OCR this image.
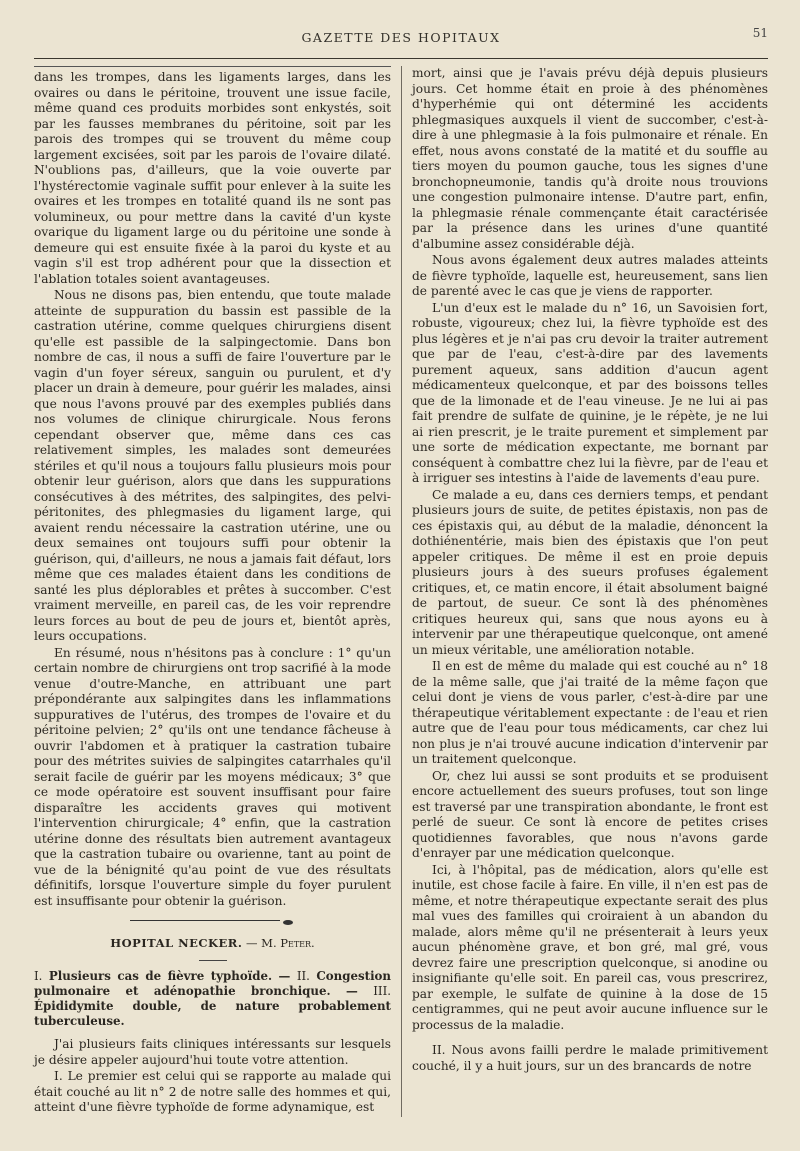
GAZETTE DES HOPITAUX	51

dans les trompes, dans les ligaments larges, dans les ovaires ou dans le péritoine, trouvent une issue facile, même quand ces produits morbides sont enkystés, soit par les fausses membranes du péritoine, soit par les parois des trompes qui se trouvent du même coup largement excisées, soit par les parois de l'ovaire dilaté. N'oublions pas, d'ailleurs, que la voie ouverte par l'hystérectomie vaginale suffit pour enlever à la suite les ovaires et les trompes en totalité quand ils ne sont pas volumineux, ou pour mettre dans la cavité d'un kyste ovarique du ligament large ou du péritoine une sonde à demeure qui est ensuite fixée à la paroi du kyste et au vagin s'il est trop adhérent pour que la dissection et l'ablation totales soient avantageuses.

Nous ne disons pas, bien entendu, que toute malade atteinte de suppuration du bassin est passible de la castration utérine, comme quelques chirurgiens disent qu'elle est passible de la salpingectomie. Dans bon nombre de cas, il nous a suffi de faire l'ouverture par le vagin d'un foyer séreux, sanguin ou purulent, et d'y placer un drain à demeure, pour guérir les malades, ainsi que nous l'avons prouvé par des exemples publiés dans nos volumes de clinique chirurgicale. Nous ferons cependant observer que, même dans ces cas relativement simples, les malades sont demeurées stériles et qu'il nous a toujours fallu plusieurs mois pour obtenir leur guérison, alors que dans les suppurations consécutives à des métrites, des salpingites, des pelvi-péritonites, des phlegmasies du ligament large, qui avaient rendu nécessaire la castration utérine, une ou deux semaines ont toujours suffi pour obtenir la guérison, qui, d'ailleurs, ne nous a jamais fait défaut, lors même que ces malades étaient dans les conditions de santé les plus déplorables et prêtes à succomber. C'est vraiment merveille, en pareil cas, de les voir reprendre leurs forces au bout de peu de jours et, bientôt après, leurs occupations.

En résumé, nous n'hésitons pas à conclure : 1° qu'un certain nombre de chirurgiens ont trop sacrifié à la mode venue d'outre-Manche, en attribuant une part prépondérante aux salpingites dans les inflammations suppuratives de l'utérus, des trompes de l'ovaire et du péritoine pelvien; 2° qu'ils ont une tendance fâcheuse à ouvrir l'abdomen et à pratiquer la castration tubaire pour des métrites suivies de salpingites catarrhales qu'il serait facile de guérir par les moyens médicaux; 3° que ce mode opératoire est souvent insuffisant pour faire disparaître les accidents graves qui motivent l'intervention chirurgicale; 4° enfin, que la castration utérine donne des résultats bien autrement avantageux que la castration tubaire ou ovarienne, tant au point de vue de la bénignité qu'au point de vue des résultats définitifs, lorsque l'ouverture simple du foyer purulent est insuffisante pour obtenir la guérison.

HOPITAL NECKER. — M. Peter.

I. Plusieurs cas de fièvre typhoïde. — II. Congestion pulmonaire et adénopathie bronchique. — III. Épididymite double, de nature probablement tuberculeuse.

J'ai plusieurs faits cliniques intéressants sur lesquels je désire appeler aujourd'hui toute votre attention.

I. Le premier est celui qui se rapporte au malade qui était couché au lit n° 2 de notre salle des hommes et qui, atteint d'une fièvre typhoïde de forme adynamique, est

mort, ainsi que je l'avais prévu déjà depuis plusieurs jours. Cet homme était en proie à des phénomènes d'hyperhémie qui ont déterminé les accidents phlegmasiques auxquels il vient de succomber, c'est-à-dire à une phlegmasie à la fois pulmonaire et rénale. En effet, nous avons constaté de la matité et du souffle au tiers moyen du poumon gauche, tous les signes d'une bronchopneumonie, tandis qu'à droite nous trouvions une congestion pulmonaire intense. D'autre part, enfin, la phlegmasie rénale commençante était caractérisée par la présence dans les urines d'une quantité d'albumine assez considérable déjà.

Nous avons également deux autres malades atteints de fièvre typhoïde, laquelle est, heureusement, sans lien de parenté avec le cas que je viens de rapporter.

L'un d'eux est le malade du n° 16, un Savoisien fort, robuste, vigoureux; chez lui, la fièvre typhoïde est des plus légères et je n'ai pas cru devoir la traiter autrement que par de l'eau, c'est-à-dire par des lavements purement aqueux, sans addition d'aucun agent médicamenteux quelconque, et par des boissons telles que de la limonade et de l'eau vineuse. Je ne lui ai pas fait prendre de sulfate de quinine, je le répète, je ne lui ai rien prescrit, je le traite purement et simplement par une sorte de médication expectante, me bornant par conséquent à combattre chez lui la fièvre, par de l'eau et à irriguer ses intestins à l'aide de lavements d'eau pure.

Ce malade a eu, dans ces derniers temps, et pendant plusieurs jours de suite, de petites épistaxis, non pas de ces épistaxis qui, au début de la maladie, dénoncent la dothiénentérie, mais bien des épistaxis que l'on peut appeler critiques. De même il est en proie depuis plusieurs jours à des sueurs profuses également critiques, et, ce matin encore, il était absolument baigné de partout, de sueur. Ce sont là des phénomènes critiques heureux qui, sans que nous ayons eu à intervenir par une thérapeutique quelconque, ont amené un mieux véritable, une amélioration notable.

Il en est de même du malade qui est couché au n° 18 de la même salle, que j'ai traité de la même façon que celui dont je viens de vous parler, c'est-à-dire par une thérapeutique véritablement expectante : de l'eau et rien autre que de l'eau pour tous médicaments, car chez lui non plus je n'ai trouvé aucune indication d'intervenir par un traitement quelconque.

Or, chez lui aussi se sont produits et se produisent encore actuellement des sueurs profuses, tout son linge est traversé par une transpiration abondante, le front est perlé de sueur. Ce sont là encore de petites crises quotidiennes favorables, que nous n'avons garde d'enrayer par une médication quelconque.

Ici, à l'hôpital, pas de médication, alors qu'elle est inutile, est chose facile à faire. En ville, il n'en est pas de même, et notre thérapeutique expectante serait des plus mal vues des familles qui croiraient à un abandon du malade, alors même qu'il ne présenterait à leurs yeux aucun phénomène grave, et bon gré, mal gré, vous devrez faire une prescription quelconque, si anodine ou insignifiante qu'elle soit. En pareil cas, vous prescrirez, par exemple, le sulfate de quinine à la dose de 15 centigrammes, qui ne peut avoir aucune influence sur le processus de la maladie.

II. Nous avons failli perdre le malade primitivement couché, il y a huit jours, sur un des brancards de notre
